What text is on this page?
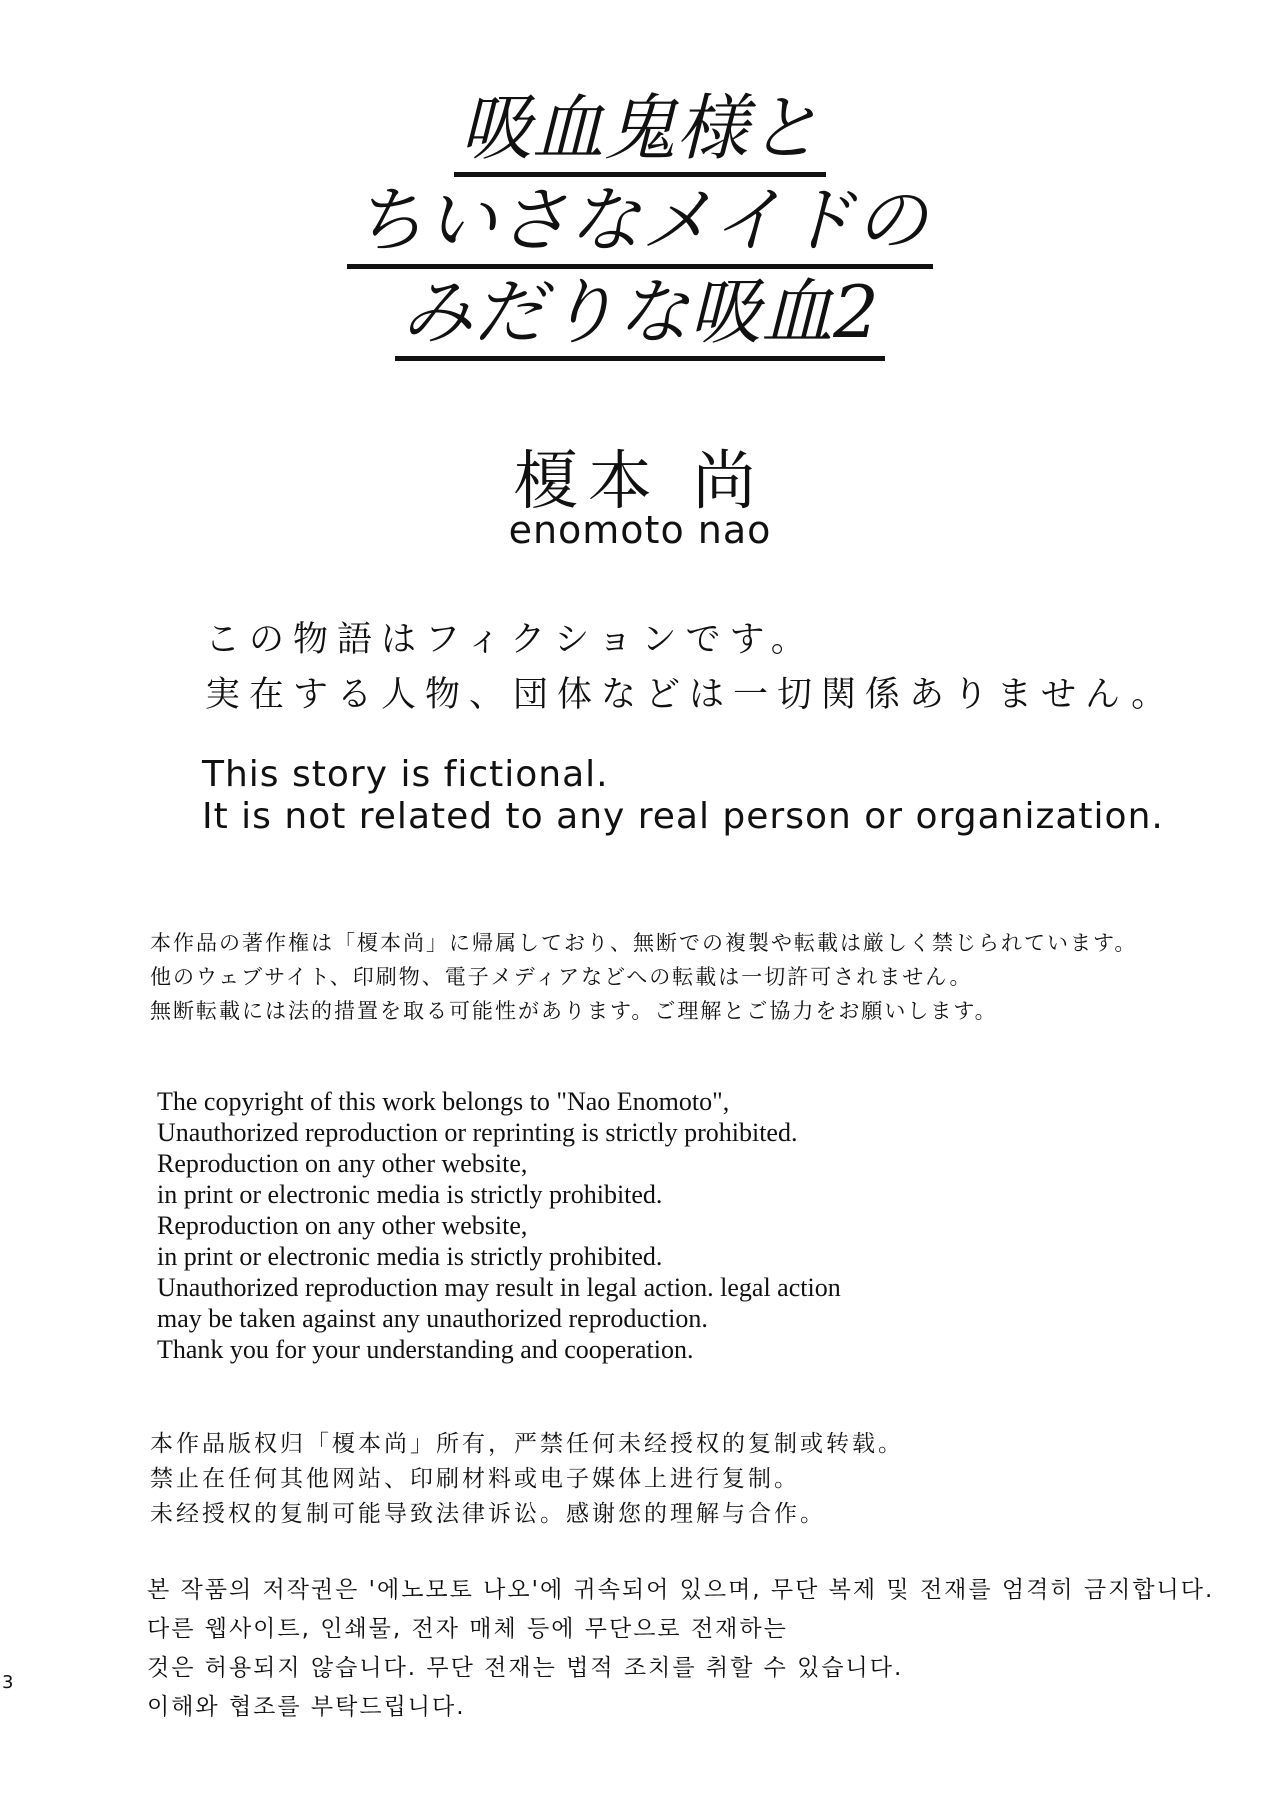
吸血鬼様と
ちいさなメイドの
みだりな吸血2
榎本 尚
enomoto nao
この物語はフィクションです。
実在する人物、団体などは一切関係ありません。
This story is fictional.
It is not related to any real person or organization.
本作品の著作権は「榎本尚」に帰属しており、無断での複製や転載は厳しく禁じられています。
他のウェブサイト、印刷物、電子メディアなどへの転載は一切許可されません。
無断転載には法的措置を取る可能性があります。ご理解とご協力をお願いします。
The copyright of this work belongs to "Nao Enomoto",
Unauthorized reproduction or reprinting is strictly prohibited.
Reproduction on any other website,
in print or electronic media is strictly prohibited.
Reproduction on any other website,
in print or electronic media is strictly prohibited.
Unauthorized reproduction may result in legal action. legal action
may be taken against any unauthorized reproduction.
Thank you for your understanding and cooperation.
本作品版权归「榎本尚」所有，严禁任何未经授权的复制或转载。
禁止在任何其他网站、印刷材料或电子媒体上进行复制。
未经授权的复制可能导致法律诉讼。感谢您的理解与合作。
본 작품의 저작권은 '에노모토 나오'에 귀속되어 있으며, 무단 복제 및 전재를 엄격히 금지합니다.
다른 웹사이트, 인쇄물, 전자 매체 등에 무단으로 전재하는
것은 허용되지 않습니다. 무단 전재는 법적 조치를 취할 수 있습니다.
이해와 협조를 부탁드립니다.
3
